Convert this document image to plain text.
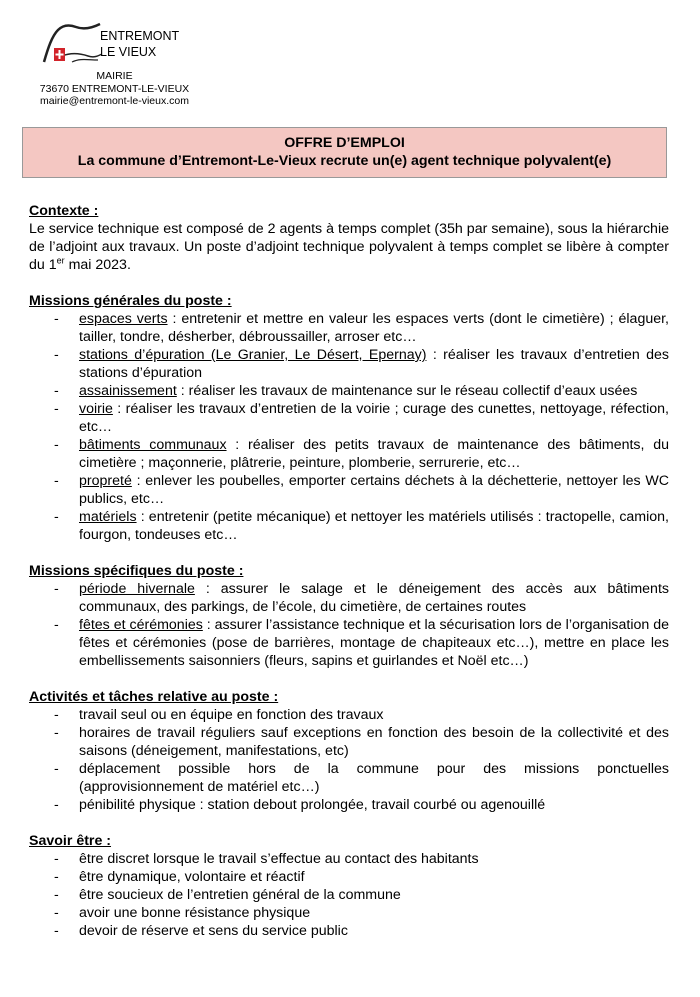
ENTREMONT
LE VIEUX
MAIRIE
73670 ENTREMONT-LE-VIEUX
mairie@entremont-le-vieux.com
OFFRE D’EMPLOI
La commune d’Entremont-Le-Vieux recrute un(e) agent technique polyvalent(e)
Contexte :
Le service technique est composé de 2 agents à temps complet (35h par semaine), sous la hiérarchie de l’adjoint aux travaux. Un poste d’adjoint technique polyvalent à temps complet se libère à compter du 1er mai 2023.
Missions générales du poste :
- espaces verts : entretenir et mettre en valeur les espaces verts (dont le cimetière) ; élaguer, tailler, tondre, désherber, débroussailler, arroser etc…
- stations d’épuration (Le Granier, Le Désert, Epernay) : réaliser les travaux d’entretien des stations d’épuration
- assainissement : réaliser les travaux de maintenance sur le réseau collectif d’eaux usées
- voirie : réaliser les travaux d’entretien de la voirie ; curage des cunettes, nettoyage, réfection, etc…
- bâtiments communaux : réaliser des petits travaux de maintenance des bâtiments, du cimetière ; maçonnerie, plâtrerie, peinture, plomberie, serrurerie, etc…
- propreté : enlever les poubelles, emporter certains déchets à la déchetterie, nettoyer les WC publics, etc…
- matériels : entretenir (petite mécanique) et nettoyer les matériels utilisés : tractopelle, camion, fourgon, tondeuses etc…
Missions spécifiques du poste :
- période hivernale : assurer le salage et le déneigement des accès aux bâtiments communaux, des parkings, de l’école, du cimetière, de certaines routes
- fêtes et cérémonies : assurer l’assistance technique et la sécurisation lors de l’organisation de fêtes et cérémonies (pose de barrières, montage de chapiteaux etc…), mettre en place les embellissements saisonniers (fleurs, sapins et guirlandes et Noël etc…)
Activités et tâches relative au poste :
- travail seul ou en équipe en fonction des travaux
- horaires de travail réguliers sauf exceptions en fonction des besoin de la collectivité et des saisons (déneigement, manifestations, etc)
- déplacement possible hors de la commune pour des missions ponctuelles (approvisionnement de matériel etc…)
- pénibilité physique : station debout prolongée, travail courbé ou agenouillé
Savoir être :
- être discret lorsque le travail s’effectue au contact des habitants
- être dynamique, volontaire et réactif
- être soucieux de l’entretien général de la commune
- avoir une bonne résistance physique
- devoir de réserve et sens du service public
